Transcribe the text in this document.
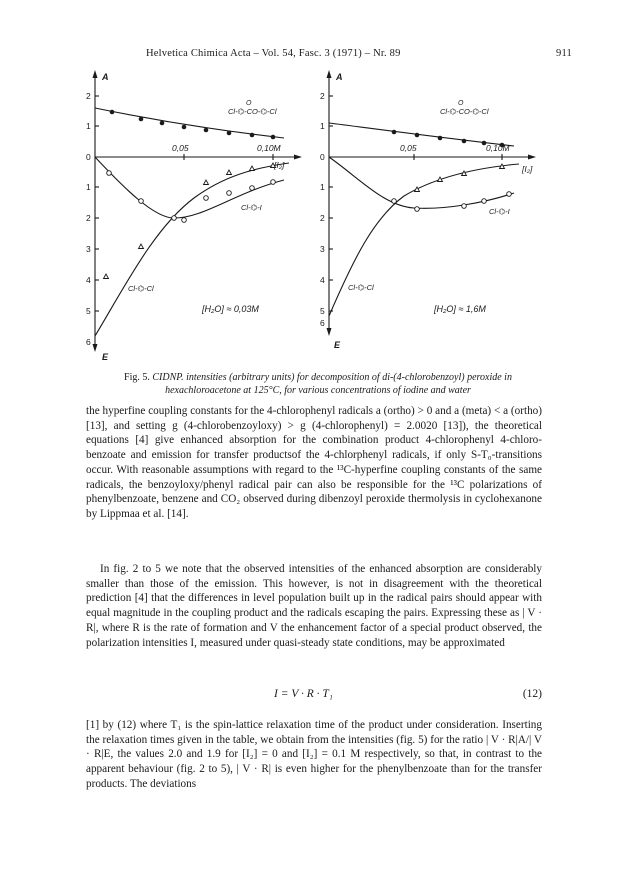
Helvetica Chimica Acta – Vol. 54, Fasc. 3 (1971) – Nr. 89	911
A
E
[I₂]
Cl-⌬-CO-⌬-Cl
O
Cl-⌬-I
Cl-⌬-Cl
[H₂O] ≈ 0,03M
2
1
0
1
2
3
4
5
6
0,05	0,10M
A
E
[I₂]
Cl-⌬-CO-⌬-Cl
O
Cl-⌬-I
Cl-⌬-Cl
[H₂O] ≈ 1,6M
2
1
0
1
2
3
4
5
6
0,05	0,10M
Fig. 5. CIDNP. intensities (arbitrary units) for decomposition of di-(4-chlorobenzoyl) peroxide in hexachloroacetone at 125°C, for various concentrations of iodine and water
the hyperfine coupling constants for the 4-chlorophenyl radicals a (ortho) > 0 and a (meta) < a (ortho) [13], and setting g (4-chlorobenzoyloxy) > g (4-chlorophenyl) = 2.0020 [13]), the theoretical equations [4] give enhanced absorption for the combination product 4-chlorophenyl 4-chloro-benzoate and emission for transfer productsof the 4-chlorphenyl radicals, if only S-T₀-transitions occur. With reasonable assumptions with regard to the ¹³C-hyperfine coupling constants of the same radicals, the benzoyloxy/phenyl radical pair can also be responsible for the ¹³C polarizations of phenylbenzoate, benzene and CO₂ observed during dibenzoyl peroxide thermolysis in cyclohexanone by Lippmaa et al. [14].
In fig. 2 to 5 we note that the observed intensities of the enhanced absorption are considerably smaller than those of the emission. This however, is not in disagreement with the theoretical prediction [4] that the differences in level population built up in the radical pairs should appear with equal magnitude in the coupling product and the radicals escaping the pairs. Expressing these as | V · R|, where R is the rate of formation and V the enhancement factor of a special product observed, the polarization intensities I, measured under quasi-steady state conditions, may be approximated
I = V · R · T₁	(12)
[1] by (12) where T₁ is the spin-lattice relaxation time of the product under consideration. Inserting the relaxation times given in the table, we obtain from the intensities (fig. 5) for the ratio | V · R|A/| V · R|E, the values 2.0 and 1.9 for [I₂] = 0 and [I₂] = 0.1 M respectively, so that, in contrast to the apparent behaviour (fig. 2 to 5), | V · R| is even higher for the phenylbenzoate than for the transfer products. The deviations
